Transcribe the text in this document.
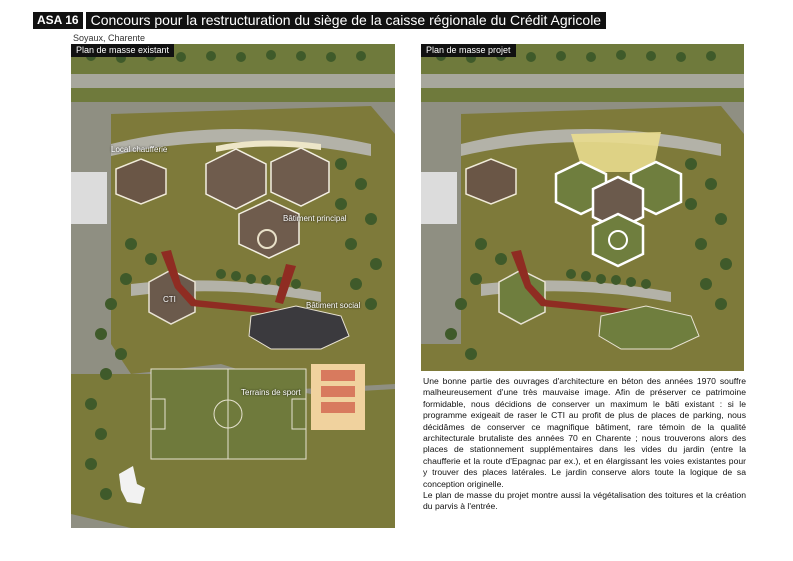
ASA 16 Concours pour la restructuration du siège de la caisse régionale du Crédit Agricole
Soyaux, Charente
Plan de masse existant
Local chaufferie
Bâtiment principal
CTI
Bâtiment social
Terrains de sport
Plan de masse projet

Une bonne partie des ouvrages d'architecture en béton des années 1970 souffre malheureusement d'une très mauvaise image. Afin de préserver ce patrimoine formidable, nous décidions de conserver un maximum le bâti existant : si le programme exigeait de raser le CTI au profit de plus de places de parking, nous décidâmes de conserver ce magnifique bâtiment, rare témoin de la qualité architecturale brutaliste des années 70 en Charente ; nous trouverons alors des places de stationnement supplémentaires dans les vides du jardin (entre la chaufferie et la route d'Epagnac par ex.), et en élargissant les voies existantes pour y trouver des places latérales. Le jardin conserve alors toute la logique de sa conception originelle.

Le plan de masse du projet montre aussi la végétalisation des toitures et la création du parvis à l'entrée.
